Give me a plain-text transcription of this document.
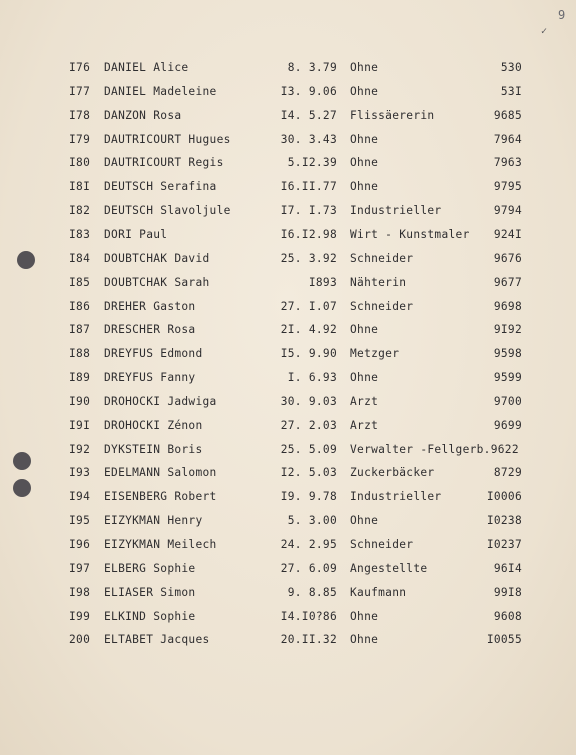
9
✓
I76 DANIEL Alice	8. 3.79 Ohne	530
I77 DANIEL Madeleine	I3. 9.06 Ohne	53I
I78 DANZON Rosa	I4. 5.27 Flissäererin	9685
I79 DAUTRICOURT Hugues	30. 3.43 Ohne	7964
I80 DAUTRICOURT Regis	5.I2.39 Ohne	7963
I8I DEUTSCH Serafina	I6.II.77 Ohne	9795
I82 DEUTSCH Slavoljule	I7. I.73 Industrieller	9794
I83 DORI Paul	I6.I2.98 Wirt - Kunstmaler	924I
I84 DOUBTCHAK David	25. 3.92 Schneider	9676
I85 DOUBTCHAK Sarah	I893 Nähterin	9677
I86 DREHER Gaston	27. I.07 Schneider	9698
I87 DRESCHER Rosa	2I. 4.92 Ohne	9I92
I88 DREYFUS Edmond	I5. 9.90 Metzger	9598
I89 DREYFUS Fanny	I. 6.93 Ohne	9599
I90 DROHOCKI Jadwiga	30. 9.03 Arzt	9700
I9I DROHOCKI Zénon	27. 2.03 Arzt	9699
I92 DYKSTEIN Boris	25. 5.09 Verwalter -Fellgerb.9622
I93 EDELMANN Salomon	I2. 5.03 Zuckerbäcker	8729
I94 EISENBERG Robert	I9. 9.78 Industrieller	I0006
I95 EIZYKMAN Henry	5. 3.00 Ohne	I0238
I96 EIZYKMAN Meilech	24. 2.95 Schneider	I0237
I97 ELBERG Sophie	27. 6.09 Angestellte	96I4
I98 ELIASER Simon	9. 8.85 Kaufmann	99I8
I99 ELKIND Sophie	I4.I0?86 Ohne	9608
200 ELTABET Jacques	20.II.32 Ohne	I0055
